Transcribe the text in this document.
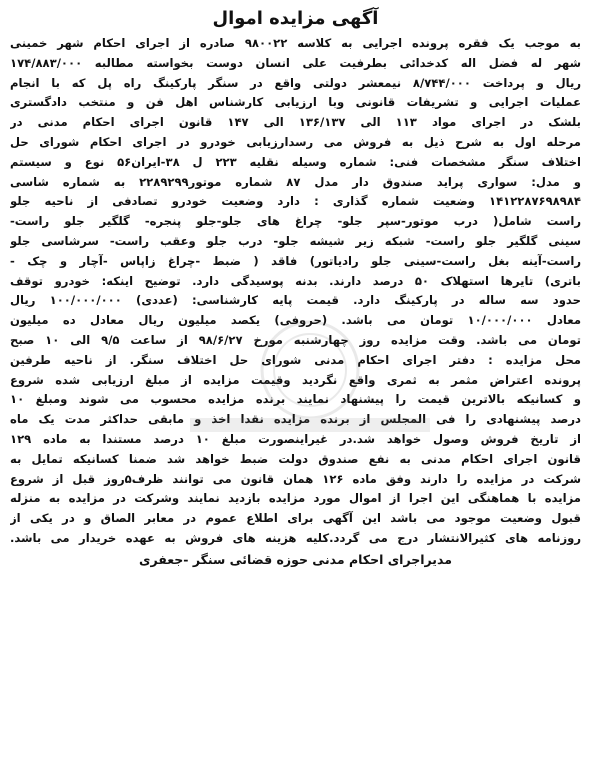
آگهی مزایده اموال
به موجب یک فقره پرونده اجرایی به کلاسه ۹۸۰۰۲۲ صادره از اجرای احکام شهر خمینی
شهر له فضل اله کدخدائی بطرفیت علی انسان دوست بخواسته مطالبه ۱۷۴/۸۸۳/۰۰۰
ریال و پرداخت ۸/۷۴۴/۰۰۰ نیمعشر دولتی واقع در سنگر پارکینگ راه پل که با انجام
عملیات اجرایی و تشریفات قانونی وبا ارزیابی کارشناس اهل فن و منتخب دادگستری
بلشک در اجرای مواد ۱۱۳ الی ۱۳۶/۱۳۷ الی ۱۴۷ قانون اجرای احکام مدنی در
مرحله اول به شرح ذیل به فروش می رسدارزیابی خودرو در اجرای احکام شورای حل
اختلاف سنگر مشخصات فنی: شماره وسیله نقلیه ۲۲۳ ل ۳۸-ایران۵۶ نوع و سیستم
و مدل: سواری پراید صندوق دار مدل ۸۷ شماره موتور۲۲۸۹۲۹۹ به شماره شاسی
۱۴۱۲۲۸۷۶۹۸۹۸۴ وضعیت شماره گذاری : دارد وضعیت خودرو تصادفی از ناحیه جلو
راست شامل( درب موتور-سپر جلو- چراغ های جلو-جلو پنجره- گلگیر جلو راست-
سینی گلگیر جلو راست- شبکه زیر شیشه جلو- درب جلو وعقب راست- سرشاسی جلو
راست-آینه بغل راست-سینی جلو رادیاتور) فاقد ( ضبط -چراغ زاپاس -آچار و چک -
باتری) تایرها استهلاک ۵۰ درصد دارند. بدنه پوسیدگی دارد. توضیح اینکه: خودرو توقف
حدود سه ساله در پارکینگ دارد. قیمت پایه کارشناسی: (عددی) ۱۰۰/۰۰۰/۰۰۰ ریال
معادل ۱۰/۰۰۰/۰۰۰ تومان می باشد. (حروفی) یکصد میلیون ریال معادل ده میلیون
تومان می باشد. وقت مزایده روز چهارشنبه مورخ ۹۸/۶/۲۷ از ساعت ۹/۵ الی ۱۰ صبح
محل مزایده : دفتر اجرای احکام مدنی شورای حل اختلاف سنگر. از ناحیه طرفین
پرونده اعتراض مثمر به ثمری واقع نگردید وقیمت مزایده از مبلغ ارزیابی شده شروع
و کسانیکه بالاترین قیمت را پیشنهاد نمایند برنده مزایده محسوب می شوند ومبلغ ۱۰
درصد پیشنهادی را فی المجلس از برنده مزایده نقدا اخذ و مابقی حداکثر مدت یک ماه
از تاریخ فروش وصول خواهد شد.در غیراینصورت مبلغ ۱۰ درصد مستندا به ماده ۱۲۹
قانون اجرای احکام مدنی به نفع صندوق دولت ضبط خواهد شد ضمنا کسانیکه تمایل به
شرکت در مزایده را دارند وفق ماده ۱۲۶ همان قانون می توانند ظرف۵روز قبل از شروع
مزایده با هماهنگی این اجرا از اموال مورد مزایده بازدید نمایند وشرکت در مزایده به منزله
قبول وضعیت موجود می باشد این آگهی برای اطلاع عموم در معابر الصاق و در یکی از
روزنامه های کثیرالانتشار درج می گردد.کلیه هزینه های فروش به عهده خریدار می باشد.
مدیراجرای احکام مدنی حوزه قضائی سنگر -جعفری
